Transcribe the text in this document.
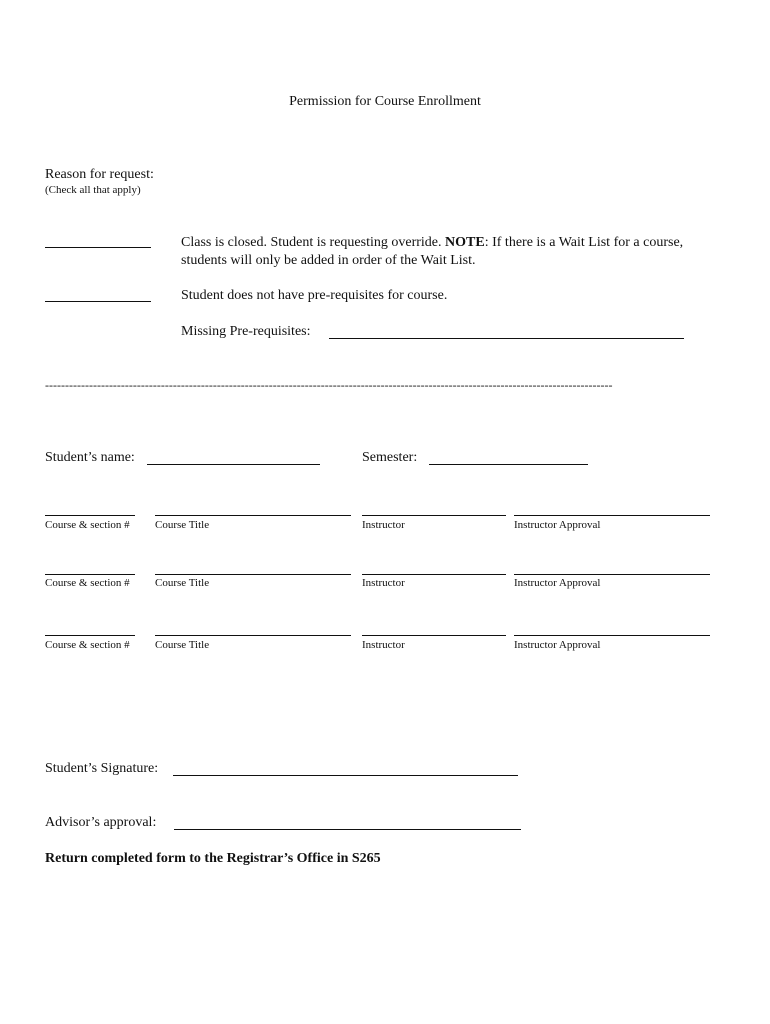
Permission for Course Enrollment
Reason for request:
(Check all that apply)
Class is closed. Student is requesting override. NOTE: If there is a Wait List for a course,
students will only be added in order of the Wait List.
Student does not have pre-requisites for course.
Missing Pre-requisites:
----------------------------------------------------------------------------------------------------------------------------------------------
Student’s name:	Semester:
Course & section # Course Title	Instructor	Instructor Approval
Course & section # Course Title	Instructor	Instructor Approval
Course & section # Course Title	Instructor	Instructor Approval
Student’s Signature:
Advisor’s approval:
Return completed form to the Registrar’s Office in S265
